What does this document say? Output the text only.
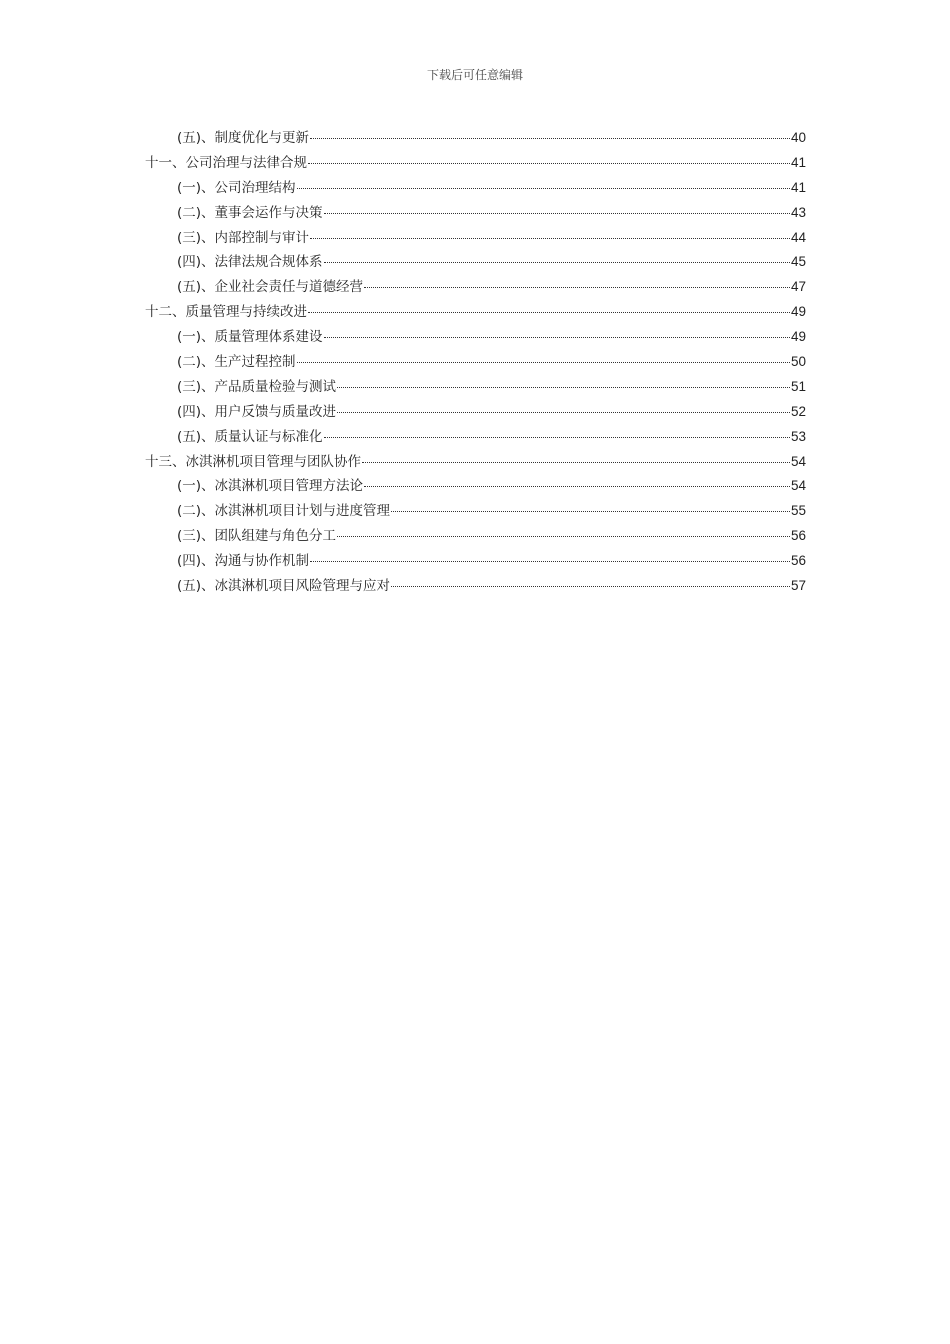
下载后可任意编辑
(五)、制度优化与更新	40
十一、公司治理与法律合规	41
(一)、公司治理结构	41
(二)、董事会运作与决策	43
(三)、内部控制与审计	44
(四)、法律法规合规体系	45
(五)、企业社会责任与道德经营	47
十二、质量管理与持续改进	49
(一)、质量管理体系建设	49
(二)、生产过程控制	50
(三)、产品质量检验与测试	51
(四)、用户反馈与质量改进	52
(五)、质量认证与标准化	53
十三、冰淇淋机项目管理与团队协作	54
(一)、冰淇淋机项目管理方法论	54
(二)、冰淇淋机项目计划与进度管理	55
(三)、团队组建与角色分工	56
(四)、沟通与协作机制	56
(五)、冰淇淋机项目风险管理与应对	57
